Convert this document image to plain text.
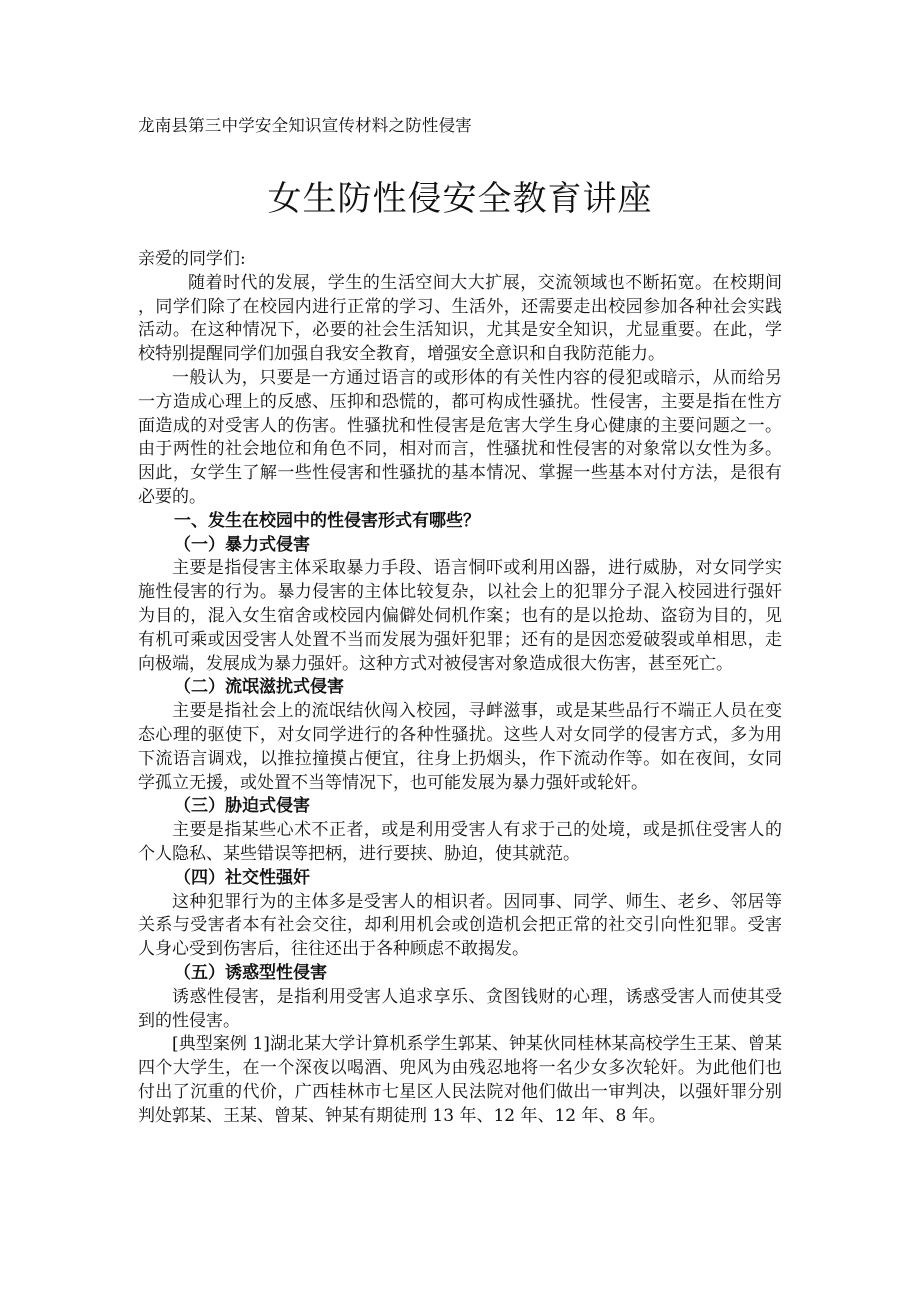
龙南县第三中学安全知识宣传材料之防性侵害

女生防性侵安全教育讲座

亲爱的同学们:

随着时代的发展，学生的生活空间大大扩展，交流领域也不断拓宽。在校期间，同学们除了在校园内进行正常的学习、生活外，还需要走出校园参加各种社会实践活动。在这种情况下，必要的社会生活知识，尤其是安全知识，尤显重要。在此，学校特别提醒同学们加强自我安全教育，增强安全意识和自我防范能力。

一般认为，只要是一方通过语言的或形体的有关性内容的侵犯或暗示，从而给另一方造成心理上的反感、压抑和恐慌的，都可构成性骚扰。性侵害，主要是指在性方面造成的对受害人的伤害。性骚扰和性侵害是危害大学生身心健康的主要问题之一。由于两性的社会地位和角色不同，相对而言，性骚扰和性侵害的对象常以女性为多。因此，女学生了解一些性侵害和性骚扰的基本情况、掌握一些基本对付方法，是很有必要的。

一、发生在校园中的性侵害形式有哪些？

（一）暴力式侵害

主要是指侵害主体采取暴力手段、语言恫吓或利用凶器，进行威胁，对女同学实施性侵害的行为。暴力侵害的主体比较复杂，以社会上的犯罪分子混入校园进行强奸为目的，混入女生宿舍或校园内偏僻处伺机作案；也有的是以抢劫、盗窃为目的，见有机可乘或因受害人处置不当而发展为强奸犯罪；还有的是因恋爱破裂或单相思，走向极端，发展成为暴力强奸。这种方式对被侵害对象造成很大伤害，甚至死亡。

（二）流氓滋扰式侵害

主要是指社会上的流氓结伙闯入校园，寻衅滋事，或是某些品行不端正人员在变态心理的驱使下，对女同学进行的各种性骚扰。这些人对女同学的侵害方式，多为用下流语言调戏，以推拉撞摸占便宜，往身上扔烟头，作下流动作等。如在夜间，女同学孤立无援，或处置不当等情况下，也可能发展为暴力强奸或轮奸。

（三）胁迫式侵害

主要是指某些心术不正者，或是利用受害人有求于己的处境，或是抓住受害人的个人隐私、某些错误等把柄，进行要挟、胁迫，使其就范。

（四）社交性强奸

这种犯罪行为的主体多是受害人的相识者。因同事、同学、师生、老乡、邻居等关系与受害者本有社会交往，却利用机会或创造机会把正常的社交引向性犯罪。受害人身心受到伤害后，往往还出于各种顾虑不敢揭发。

（五）诱惑型性侵害

诱惑性侵害，是指利用受害人追求享乐、贪图钱财的心理，诱惑受害人而使其受到的性侵害。

[典型案例 1]湖北某大学计算机系学生郭某、钟某伙同桂林某高校学生王某、曾某四个大学生，在一个深夜以喝酒、兜风为由残忍地将一名少女多次轮奸。为此他们也付出了沉重的代价，广西桂林市七星区人民法院对他们做出一审判决，以强奸罪分别判处郭某、王某、曾某、钟某有期徒刑 13 年、12 年、12 年、8 年。
